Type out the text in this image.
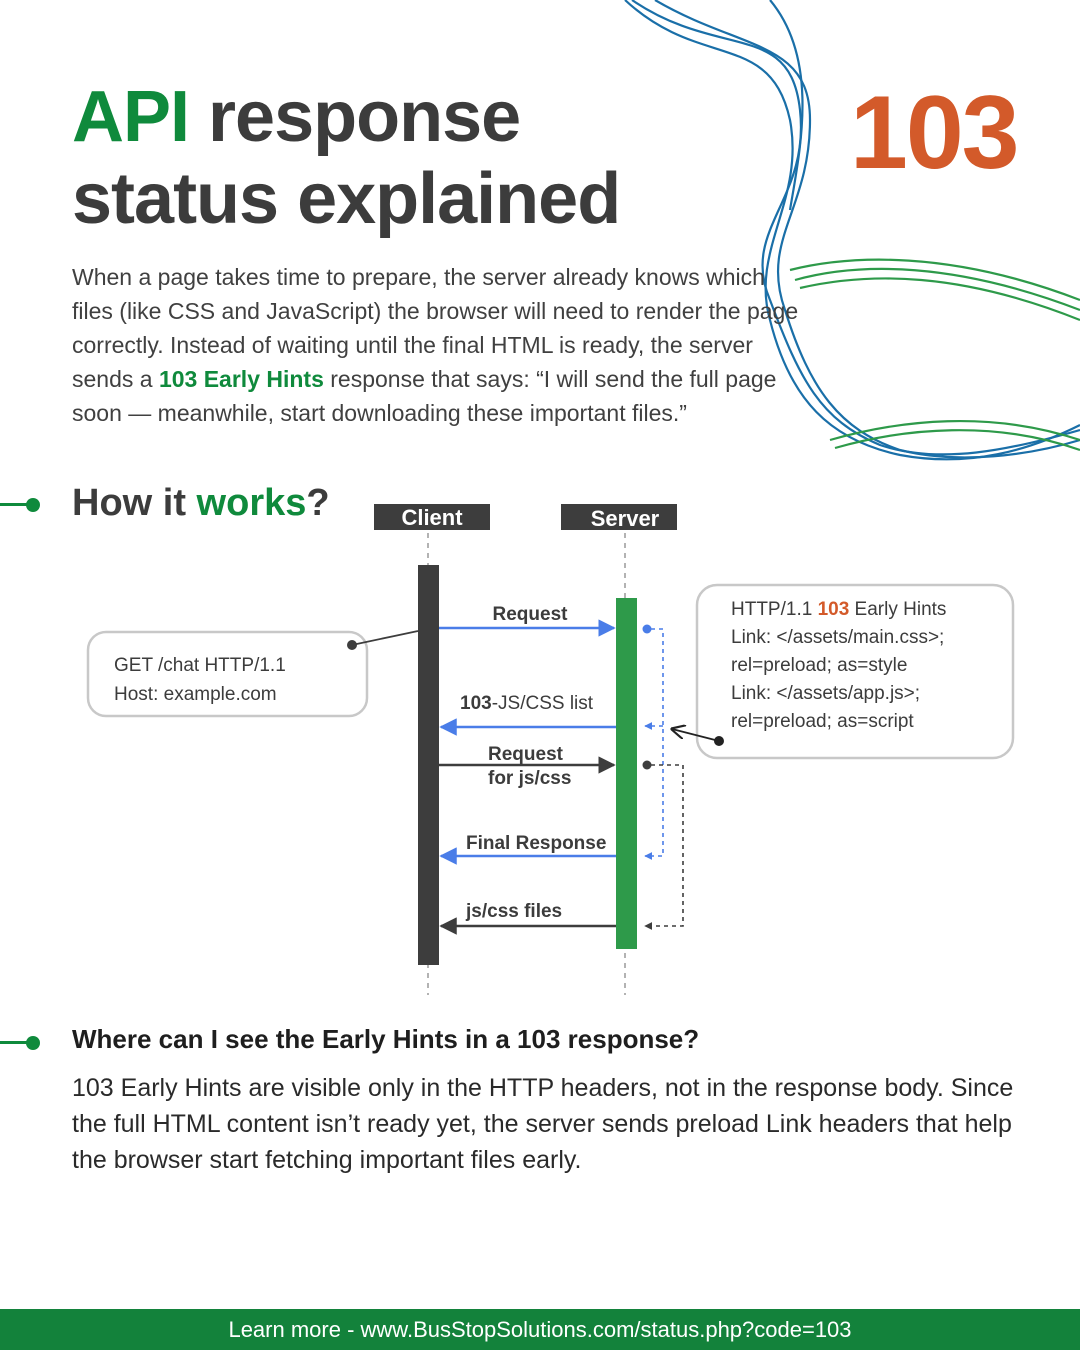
API response
status explained
103

When a page takes time to prepare, the server already knows which files (like CSS and JavaScript) the browser will need to render the page correctly. Instead of waiting until the final HTML is ready, the server sends a 103 Early Hints response that says: “I will send the full page soon — meanwhile, start downloading these important files.”

How it works?	Client	Server
Request
103-JS/CSS list
Request
for js/css
Final Response
js/css files
GET /chat HTTP/1.1
Host: example.com
HTTP/1.1 103 Early Hints
Link: </assets/main.css>;
rel=preload; as=style
Link: </assets/app.js>;
rel=preload; as=script
Where can I see the Early Hints in a 103 response?

103 Early Hints are visible only in the HTTP headers, not in the response body. Since the full HTML content isn’t ready yet, the server sends preload Link headers that help the browser start fetching important files early.

Learn more - www.BusStopSolutions.com/status.php?code=103
